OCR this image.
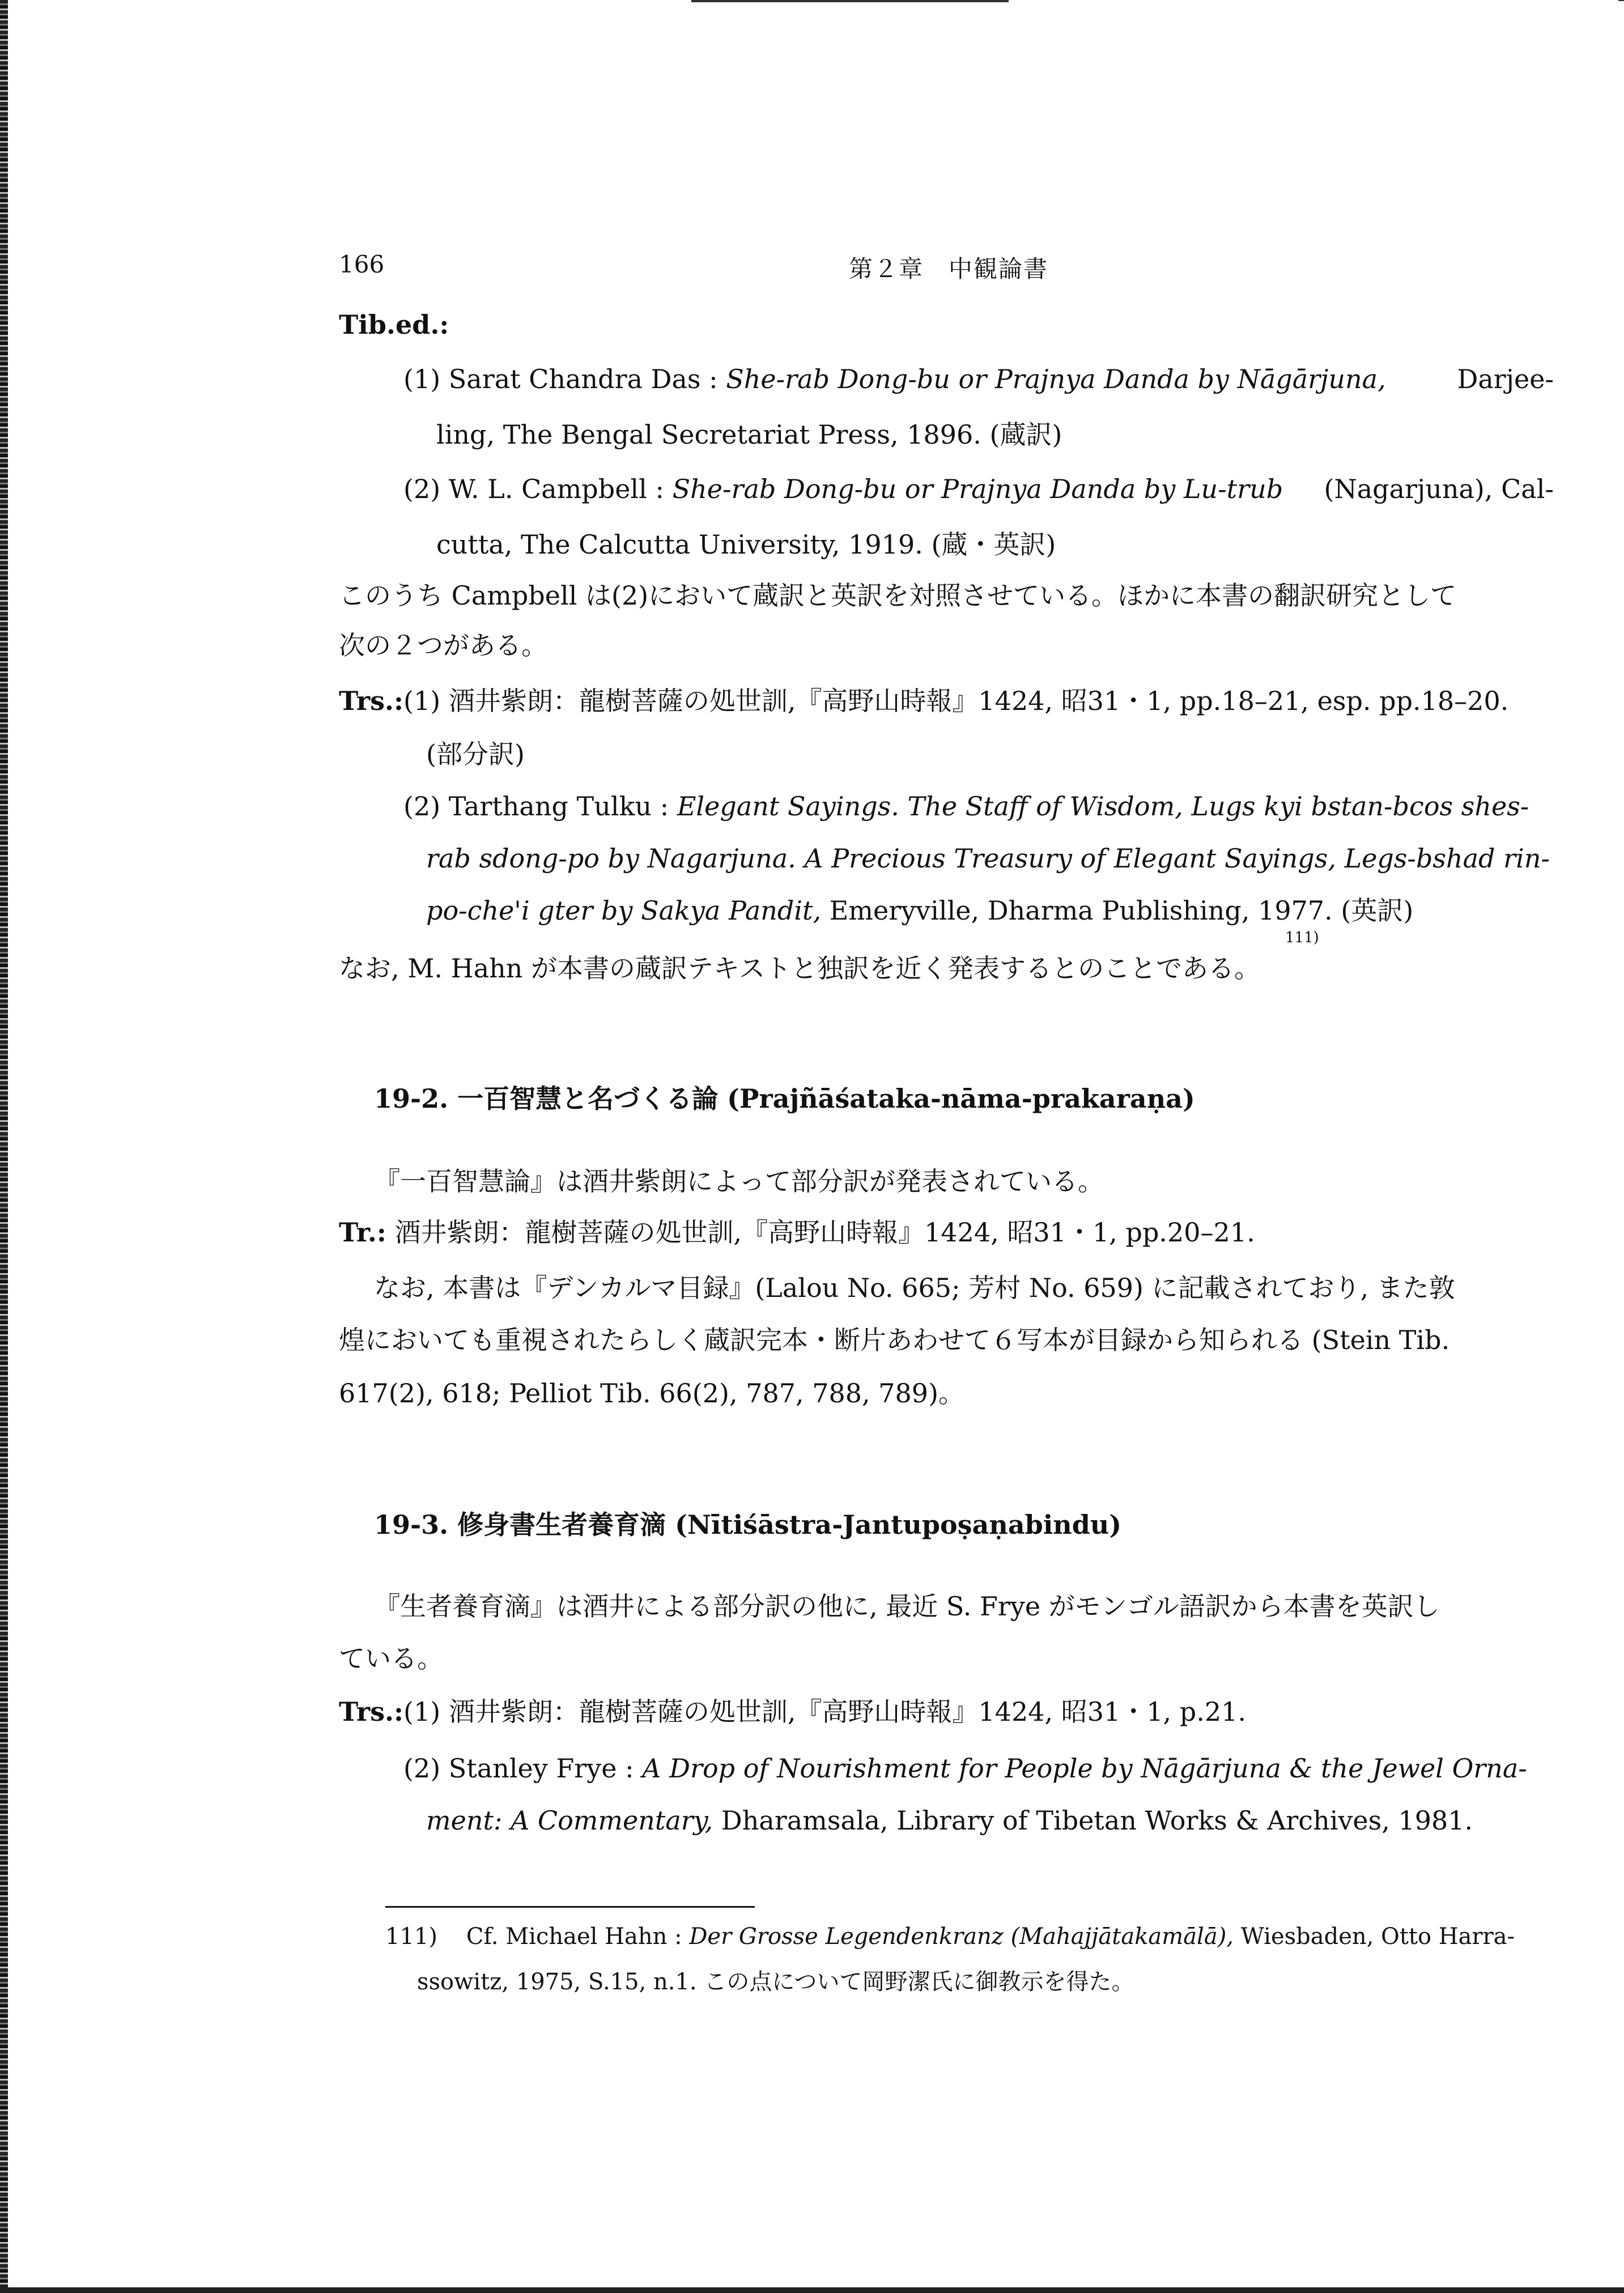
166	第２章　中観論書
Tib.ed.:
(1) Sarat Chandra Das : She-rab Dong-bu or Prajnya Danda by Nāgārjuna,	Darjee-
ling, The Bengal Secretariat Press, 1896. (蔵訳)
(2) W. L. Campbell : She-rab Dong-bu or Prajnya Danda by Lu-trub (Nagarjuna), Cal-
cutta, The Calcutta University, 1919. (蔵・英訳)
このうち Campbell は(2)において蔵訳と英訳を対照させている。ほかに本書の翻訳研究として
次の２つがある。
Trs.:(1) 酒井紫朗：龍樹菩薩の処世訓,『高野山時報』1424, 昭31・1, pp.18–21, esp. pp.18–20.
(部分訳)
(2) Tarthang Tulku : Elegant Sayings. The Staff of Wisdom, Lugs kyi bstan-bcos shes-
rab sdong-po by Nagarjuna. A Precious Treasury of Elegant Sayings, Legs-bshad rin-
po-che'i gter by Sakya Pandit, Emeryville, Dharma Publishing, 1977. (英訳)
111)
なお, M. Hahn が本書の蔵訳テキストと独訳を近く発表するとのことである。
19-2. 一百智慧と名づくる論 (Prajñāśataka-nāma-prakaraṇa)
『一百智慧論』は酒井紫朗によって部分訳が発表されている。
Tr.: 酒井紫朗：龍樹菩薩の処世訓,『高野山時報』1424, 昭31・1, pp.20–21.
なお, 本書は『デンカルマ目録』(Lalou No. 665; 芳村 No. 659) に記載されており, また敦
煌においても重視されたらしく蔵訳完本・断片あわせて６写本が目録から知られる (Stein Tib.
617(2), 618; Pelliot Tib. 66(2), 787, 788, 789)。
19-3. 修身書生者養育滴 (Nītiśāstra-Jantupoṣaṇabindu)
『生者養育滴』は酒井による部分訳の他に, 最近 S. Frye がモンゴル語訳から本書を英訳し
ている。
Trs.:(1) 酒井紫朗：龍樹菩薩の処世訓,『高野山時報』1424, 昭31・1, p.21.
(2) Stanley Frye : A Drop of Nourishment for People by Nāgārjuna & the Jewel Orna-
ment: A Commentary, Dharamsala, Library of Tibetan Works & Archives, 1981.
111) Cf. Michael Hahn : Der Grosse Legendenkranz (Mahajjātakamālā), Wiesbaden, Otto Harra-
ssowitz, 1975, S.15, n.1. この点について岡野潔氏に御教示を得た。
